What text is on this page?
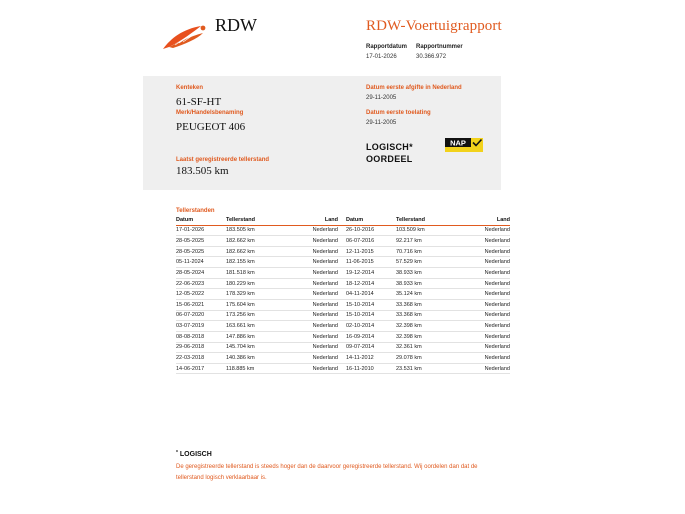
RDW	RDW-Voertuigrapport
Rapportdatum
17-01-2026
Rapportnummer
30.366.972
Kenteken
61-SF-HT
Merk/Handelsbenaming
PEUGEOT 406
Laatst geregistreerde tellerstand
183.505 km
Datum eerste afgifte in Nederland
29-11-2005
Datum eerste toelating
29-11-2005
LOGISCH*
OORDEEL
NAP
Tellerstanden
Datum	Tellerstand	Land	Datum	Tellerstand	Land
17-01-2026	183.505 km	Nederland	26-10-2016	103.509 km	Nederland
28-05-2025	182.662 km	Nederland	06-07-2016	92.217 km	Nederland
28-05-2025	182.662 km	Nederland	12-11-2015	70.716 km	Nederland
05-11-2024	182.155 km	Nederland	11-06-2015	57.529 km	Nederland
28-05-2024	181.518 km	Nederland	19-12-2014	38.933 km	Nederland
22-06-2023	180.229 km	Nederland	18-12-2014	38.933 km	Nederland
12-05-2022	178.329 km	Nederland	04-11-2014	35.124 km	Nederland
15-06-2021	175.604 km	Nederland	15-10-2014	33.368 km	Nederland
06-07-2020	173.256 km	Nederland	15-10-2014	33.368 km	Nederland
03-07-2019	163.661 km	Nederland	02-10-2014	32.398 km	Nederland
08-08-2018	147.886 km	Nederland	16-09-2014	32.398 km	Nederland
29-06-2018	145.704 km	Nederland	09-07-2014	32.361 km	Nederland
22-03-2018	140.386 km	Nederland	14-11-2012	29.078 km	Nederland
14-06-2017	118.885 km	Nederland	16-11-2010	23.531 km	Nederland
* LOGISCH
De geregistreerde tellerstand is steeds hoger dan de daarvoor geregistreerde tellerstand. Wij oordelen dan dat de tellerstand logisch verklaarbaar is.
